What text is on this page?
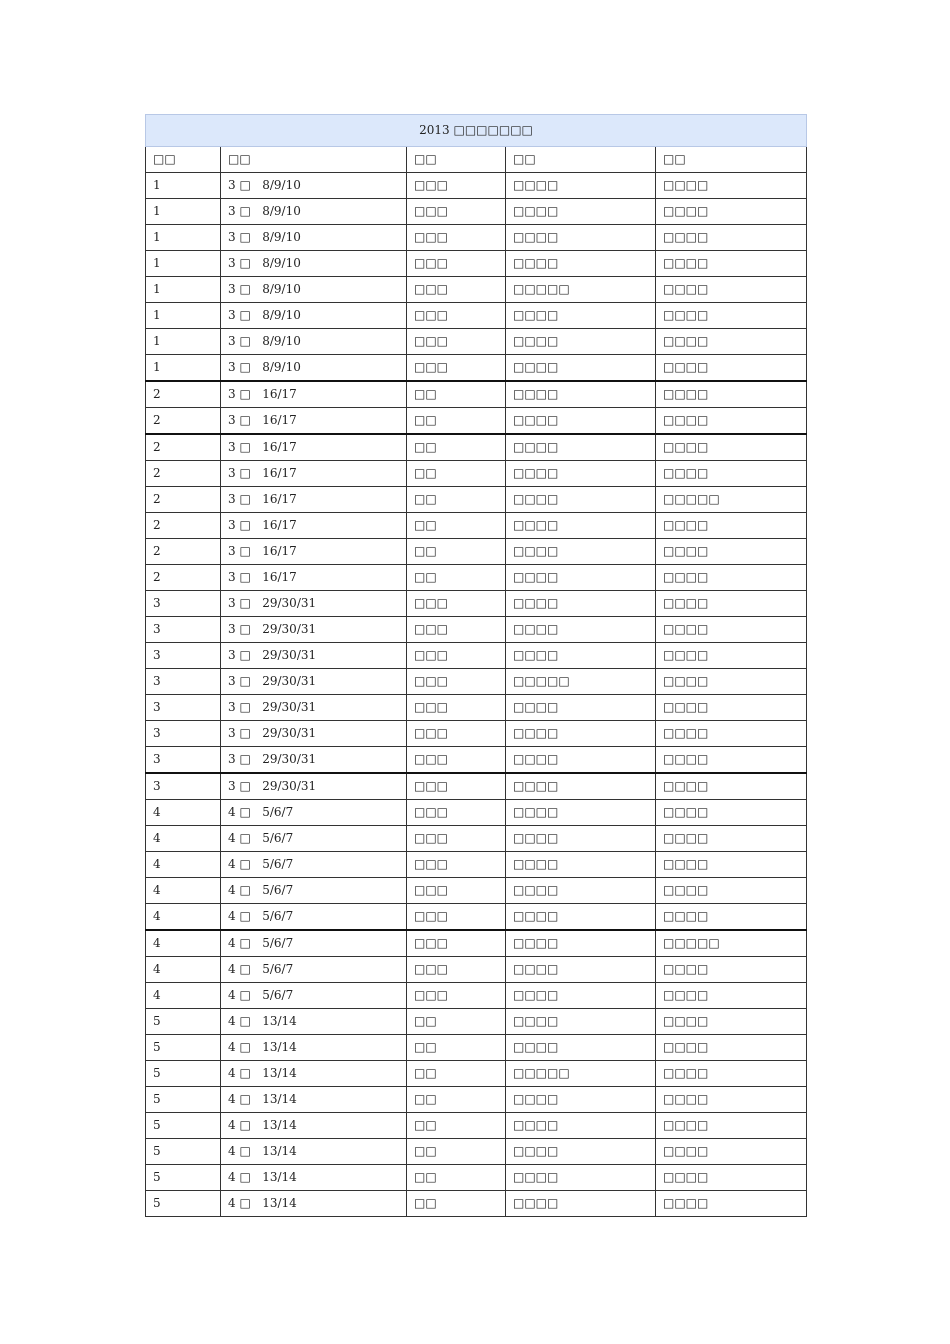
2013 □□□□□□□				
□□	□□	□□	□□	□□
1	3 □   8/9/10	□□□	□□□□	□□□□
1	3 □   8/9/10	□□□	□□□□	□□□□
1	3 □   8/9/10	□□□	□□□□	□□□□
1	3 □   8/9/10	□□□	□□□□	□□□□
1	3 □   8/9/10	□□□	□□□□□	□□□□
1	3 □   8/9/10	□□□	□□□□	□□□□
1	3 □   8/9/10	□□□	□□□□	□□□□
1	3 □   8/9/10	□□□	□□□□	□□□□
2	3 □   16/17	□□	□□□□	□□□□
2	3 □   16/17	□□	□□□□	□□□□
2	3 □   16/17	□□	□□□□	□□□□
2	3 □   16/17	□□	□□□□	□□□□
2	3 □   16/17	□□	□□□□	□□□□□
2	3 □   16/17	□□	□□□□	□□□□
2	3 □   16/17	□□	□□□□	□□□□
2	3 □   16/17	□□	□□□□	□□□□
3	3 □   29/30/31	□□□	□□□□	□□□□
3	3 □   29/30/31	□□□	□□□□	□□□□
3	3 □   29/30/31	□□□	□□□□	□□□□
3	3 □   29/30/31	□□□	□□□□□	□□□□
3	3 □   29/30/31	□□□	□□□□	□□□□
3	3 □   29/30/31	□□□	□□□□	□□□□
3	3 □   29/30/31	□□□	□□□□	□□□□
3	3 □   29/30/31	□□□	□□□□	□□□□
4	4 □   5/6/7	□□□	□□□□	□□□□
4	4 □   5/6/7	□□□	□□□□	□□□□
4	4 □   5/6/7	□□□	□□□□	□□□□
4	4 □   5/6/7	□□□	□□□□	□□□□
4	4 □   5/6/7	□□□	□□□□	□□□□
4	4 □   5/6/7	□□□	□□□□	□□□□□
4	4 □   5/6/7	□□□	□□□□	□□□□
4	4 □   5/6/7	□□□	□□□□	□□□□
5	4 □   13/14	□□	□□□□	□□□□
5	4 □   13/14	□□	□□□□	□□□□
5	4 □   13/14	□□	□□□□□	□□□□
5	4 □   13/14	□□	□□□□	□□□□
5	4 □   13/14	□□	□□□□	□□□□
5	4 □   13/14	□□	□□□□	□□□□
5	4 □   13/14	□□	□□□□	□□□□
5	4 □   13/14	□□	□□□□	□□□□
